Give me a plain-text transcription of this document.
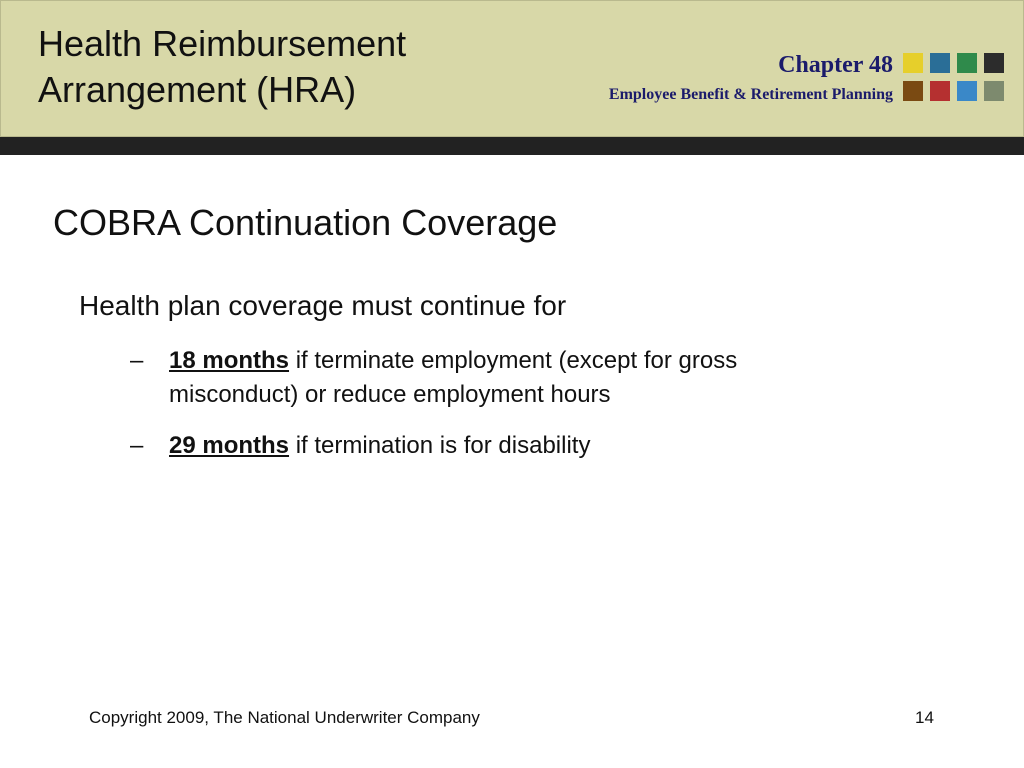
Health Reimbursement
Arrangement (HRA)
Chapter 48
Employee Benefit & Retirement Planning
COBRA Continuation Coverage
Health plan coverage must continue for
– 18 months if terminate employment (except for gross misconduct) or reduce employment hours
– 29 months if termination is for disability
Copyright 2009, The National Underwriter Company	14
